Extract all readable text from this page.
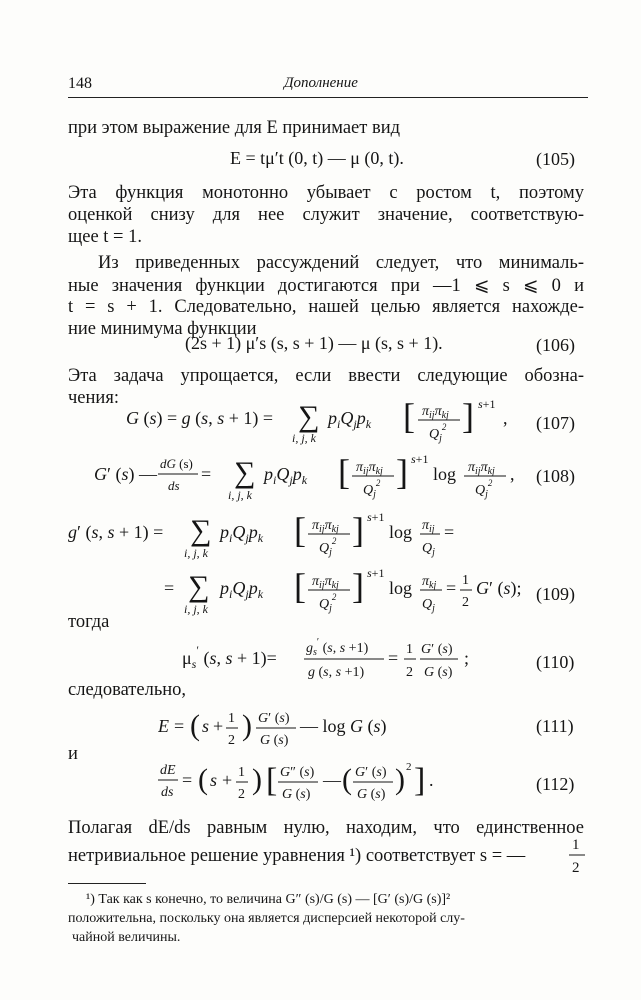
148	Дополнение
при этом выражение для E принимает вид
E = tμ′t (0, t) — μ (0, t).	(105)
Эта функция монотонно убывает с ростом t, поэтому
оценкой снизу для нее служит значение, соответствую-
щее t = 1.
Из приведенных рассуждений следует, что минималь-
ные значения функции достигаются при —1 ⩽ s ⩽ 0 и
t = s + 1. Следовательно, нашей целью является нахожде-
ние минимума функции
(2s + 1) μ′s (s, s + 1) — μ (s, s + 1).	(106)
Эта задача упрощается, если ввести следующие обозна-
чения:
G (s) = g (s, s + 1) = ∑
i, j, k
$p_iQ_jp_k$ [ $\pi_{ij}\pi_{kj}$
$Q_j^2$ ] s+1
, (107)
G′ (s) —
dG (s)
ds
= ∑
i, j, k
$p_iQ_jp_k$ [ $\pi_{ij}\pi_{kj}$
$Q_j^2$ ] s+1
$\log \pi_{ij}\pi_{kj}$
$Q_j^2$ , (108)
g′ (s, s + 1) = ∑
i, j, k
$p_iQ_jp_k$ [ $\pi_{ij}\pi_{kj}$
$Q_j^2$ ] s+1
$\log \pi_{ij}$
$Q_j$
=
= ∑
i, j, k
$p_iQ_jp_k$ [ $\pi_{ij}\pi_{kj}$
$Q_j^2$ ] s+1
$\log \pi_{kj}$
$Q_j$
= 1
2
G′ (s); (109)
тогда
$\mu_s'$ (s, $s + 1)= g_s'$ (s, s +1)
g (s, s +1)
= 1
2
G′ (s)
G (s)
;	(110)
следовательно,
E = ( s + 1
2 ) G′ (s)
G (s)
— log G (s)	(111)
и
dE
ds
= ( s + 1
2 ) [ G″ (s)
G (s)
— ( G′ (s)
G (s) ) 2 ] .	(112)
Полагая dE/ds равным нулю, находим, что единственное
нетривиальное решение уравнения ¹) соответствует s = —
1
2
¹) Так как s конечно, то величина G″ (s)/G (s) — [G′ (s)/G (s)]²
положительна, поскольку она является дисперсией некоторой слу-
чайной величины.
